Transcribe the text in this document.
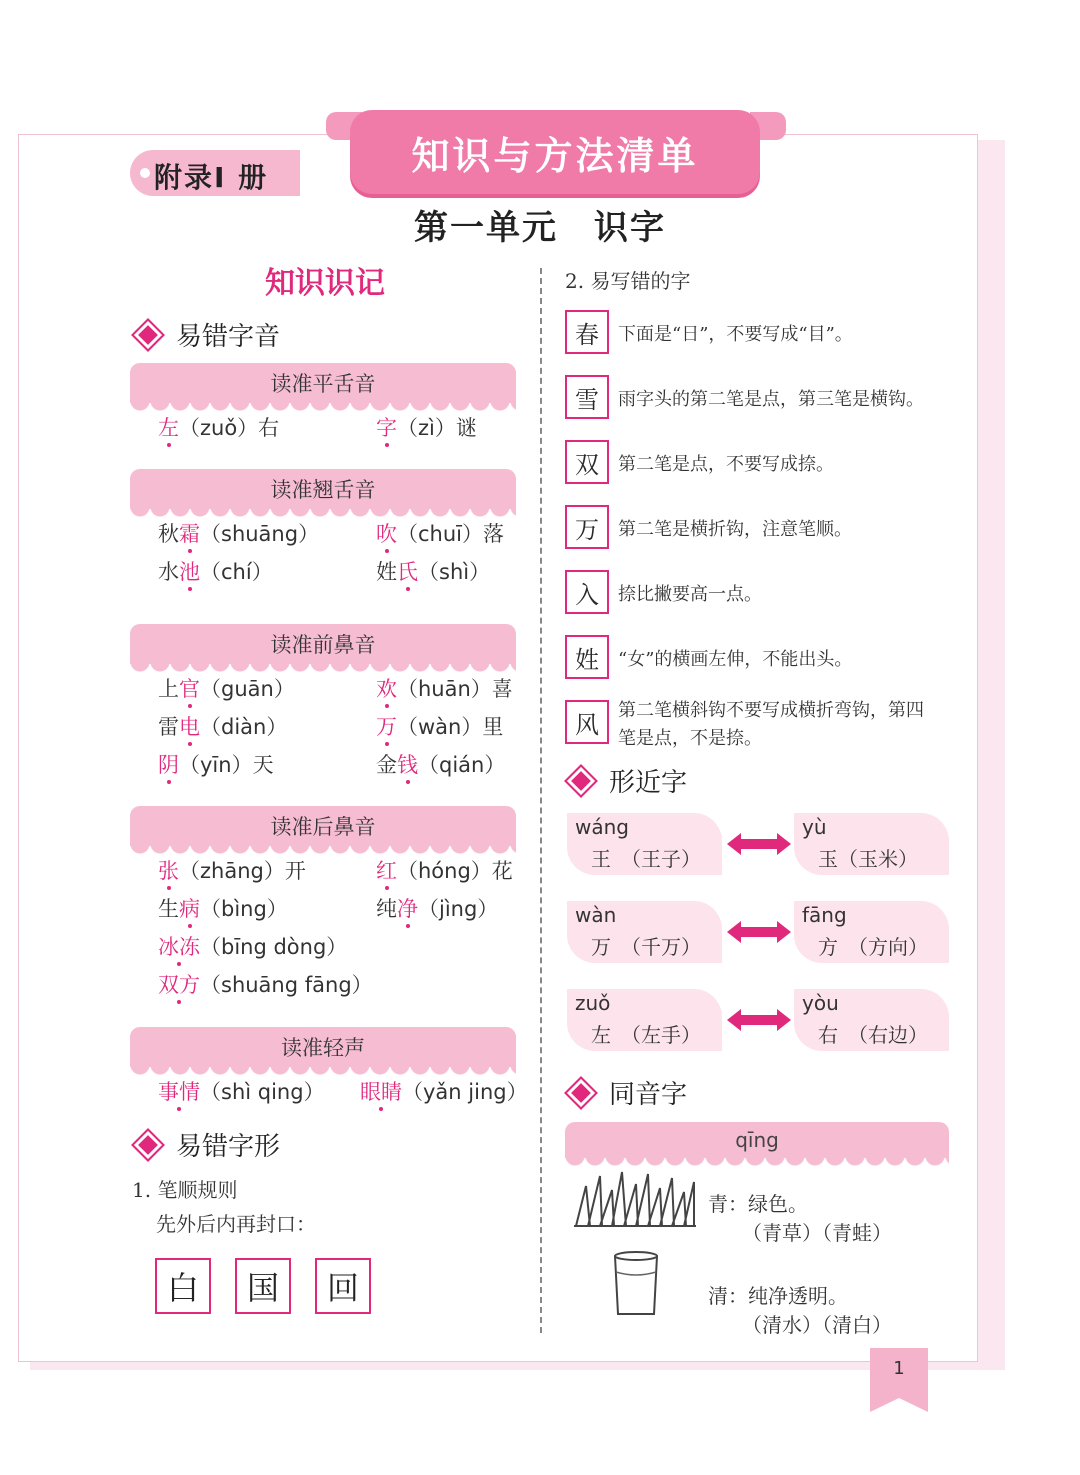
知识与方法清单
附录Ⅰ 册
第一单元　识字
知识识记
易错字音
读准平舌音
左（zuǒ）右	字（zì）谜
读准翘舌音
秋霜（shuāng）	吹（chuī）落
水池（chí）	姓氏（shì）
读准前鼻音
上官（guān）	欢（huān）喜
雷电（diàn）	万（wàn）里
阴（yīn）天	金钱（qián）
读准后鼻音
张（zhāng）开	红（hóng）花
生病（bìng）	纯净（jìng）
冰冻（bīng dòng）
双方（shuāng fāng）
读准轻声
事情（shì qing） 眼睛（yǎn jing）
易错字形
1. 笔顺规则
先外后内再封口：
白	国	回
2. 易写错的字
春	下面是“日”，不要写成“目”。
雪	雨字头的第二笔是点，第三笔是横钩。
双	第二笔是点，不要写成捺。
万	第二笔是横折钩，注意笔顺。
入	捺比撇要高一点。
姓	“女”的横画左伸，不能出头。
风	第二笔横斜钩不要写成横折弯钩，第四
笔是点，不是捺。
形近字
wáng
王　（王子）
yù
玉（玉米）
wàn
万　（千万）
fāng
方　（方向）
zuǒ
左　（左手）
yòu
右　（右边）
同音字
qīng
青：绿色。
（青草）（青蛙）
清：纯净透明。
（清水）（清白）
1
